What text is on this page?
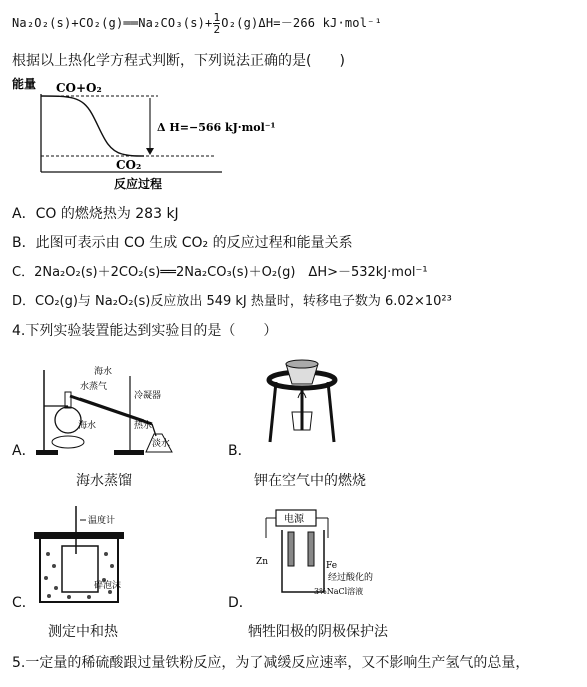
Na₂O₂(s)+CO₂(g)══Na₂CO₃(s)+ $\frac{1}{2} O_2(g)\Delta H=-266$ kJ·mol⁻¹
根据以上热化学方程式判断，下列说法正确的是(　　)
能量 CO+O₂
Δ H=−566 kJ·mol⁻¹
CO₂
反应过程
A．CO 的燃烧热为 283 kJ
B．此图可表示由 CO 生成 CO₂ 的反应过程和能量关系
C．2Na₂O₂(s)＋2CO₂(s)══2Na₂CO₃(s)＋O₂(g)　ΔH>－532kJ·mol⁻¹
D．CO₂(g)与 Na₂O₂(s)反应放出 549 kJ 热量时，转移电子数为 6.02×10²³
4.下列实验装置能达到实验目的是（　　）
海水
水蒸气
冷凝器
海水	热水
淡水
A．
海水蒸馏
B．
钾在空气中的燃烧
温度计
碎泡沫
C．
测定中和热
电源
Zn	Fe
经过酸化的
3%NaCl溶液
D．
牺牲阳极的阴极保护法
5.一定量的稀硫酸跟过量铁粉反应，为了减缓反应速率，又不影响生产氢气的总量，
